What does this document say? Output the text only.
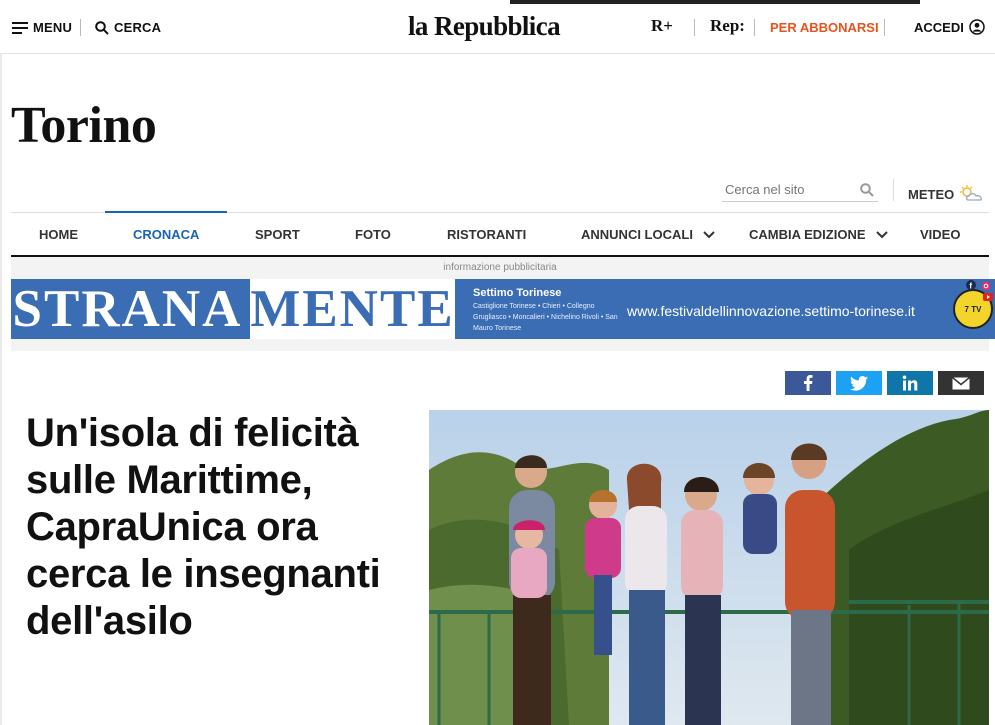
MENU	CERCA	la Repubblica	R+ Rep: PER ABBONARSI	ACCEDI
Torino
Cerca nel sito
METEO
HOME	CRONACA	SPORT	FOTO	RISTORANTI	ANNUNCI LOCALI	CAMBIA EDIZIONE	VIDEO
informazione pubblicitaria
STRANA MENTE Settimo Torinese
Castiglione Torinese • Chieri • Collegno Grugliasco • Moncalieri • Nichelino Rivoli • San Mauro Torinese
www.festivaldellinnovazione.settimo-torinese.it	7 TV
f
Un'isola di felicità sulle Marittime, CapraUnica ora cerca le insegnanti dell'asilo
